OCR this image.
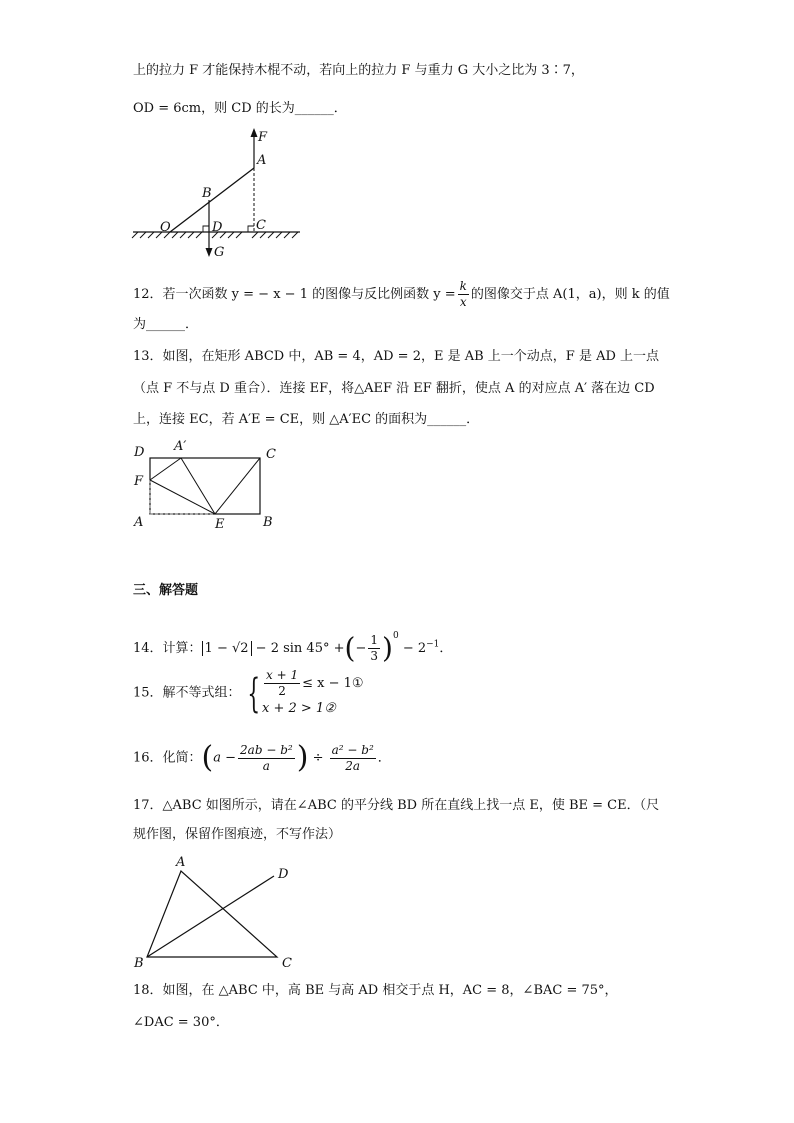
上的拉力 F 才能保持木棍不动，若向上的拉力 F 与重力 G 大小之比为 3∶7，
OD = 6cm，则 CD 的长为______．
F
A
B
O	D	C
G
12．若一次函数 y = − x − 1 的图像与反比例函数 $y = \frac{k}{x}$ 的图像交于点 A(1，a)，则 k 的值
为______．
13．如图，在矩形 ABCD 中，AB = 4，AD = 2，E 是 AB 上一个动点，F 是 AD 上一点
（点 F 不与点 D 重合）．连接 EF，将△AEF 沿 EF 翻折，使点 A 的对应点 A′ 落在边 CD
上，连接 EC，若 A′E = CE，则 △A′EC 的面积为______．
D A′
C
F
A	E	B
三、解答题
14．计算： 1 − √2 − 2 sin 45° +(− $\frac{1}{3} )^0 - 2^{-1}$．
15．解不等式组： { $\frac{x + 1}{2} \le x$ − 1①
x + 2 > 1②
16．化简：($a - \frac{\text{2ab − b²}}{a}$ ) ÷ $\frac{\text{a² − b²}}{2a}$ ．
17．△ABC 如图所示，请在∠ABC 的平分线 BD 所在直线上找一点 E，使 BE = CE．（尺
规作图，保留作图痕迹，不写作法）
A
D
B	C
18．如图，在 △ABC 中，高 BE 与高 AD 相交于点 H，AC = 8，∠BAC = 75°，
∠DAC = 30°．
